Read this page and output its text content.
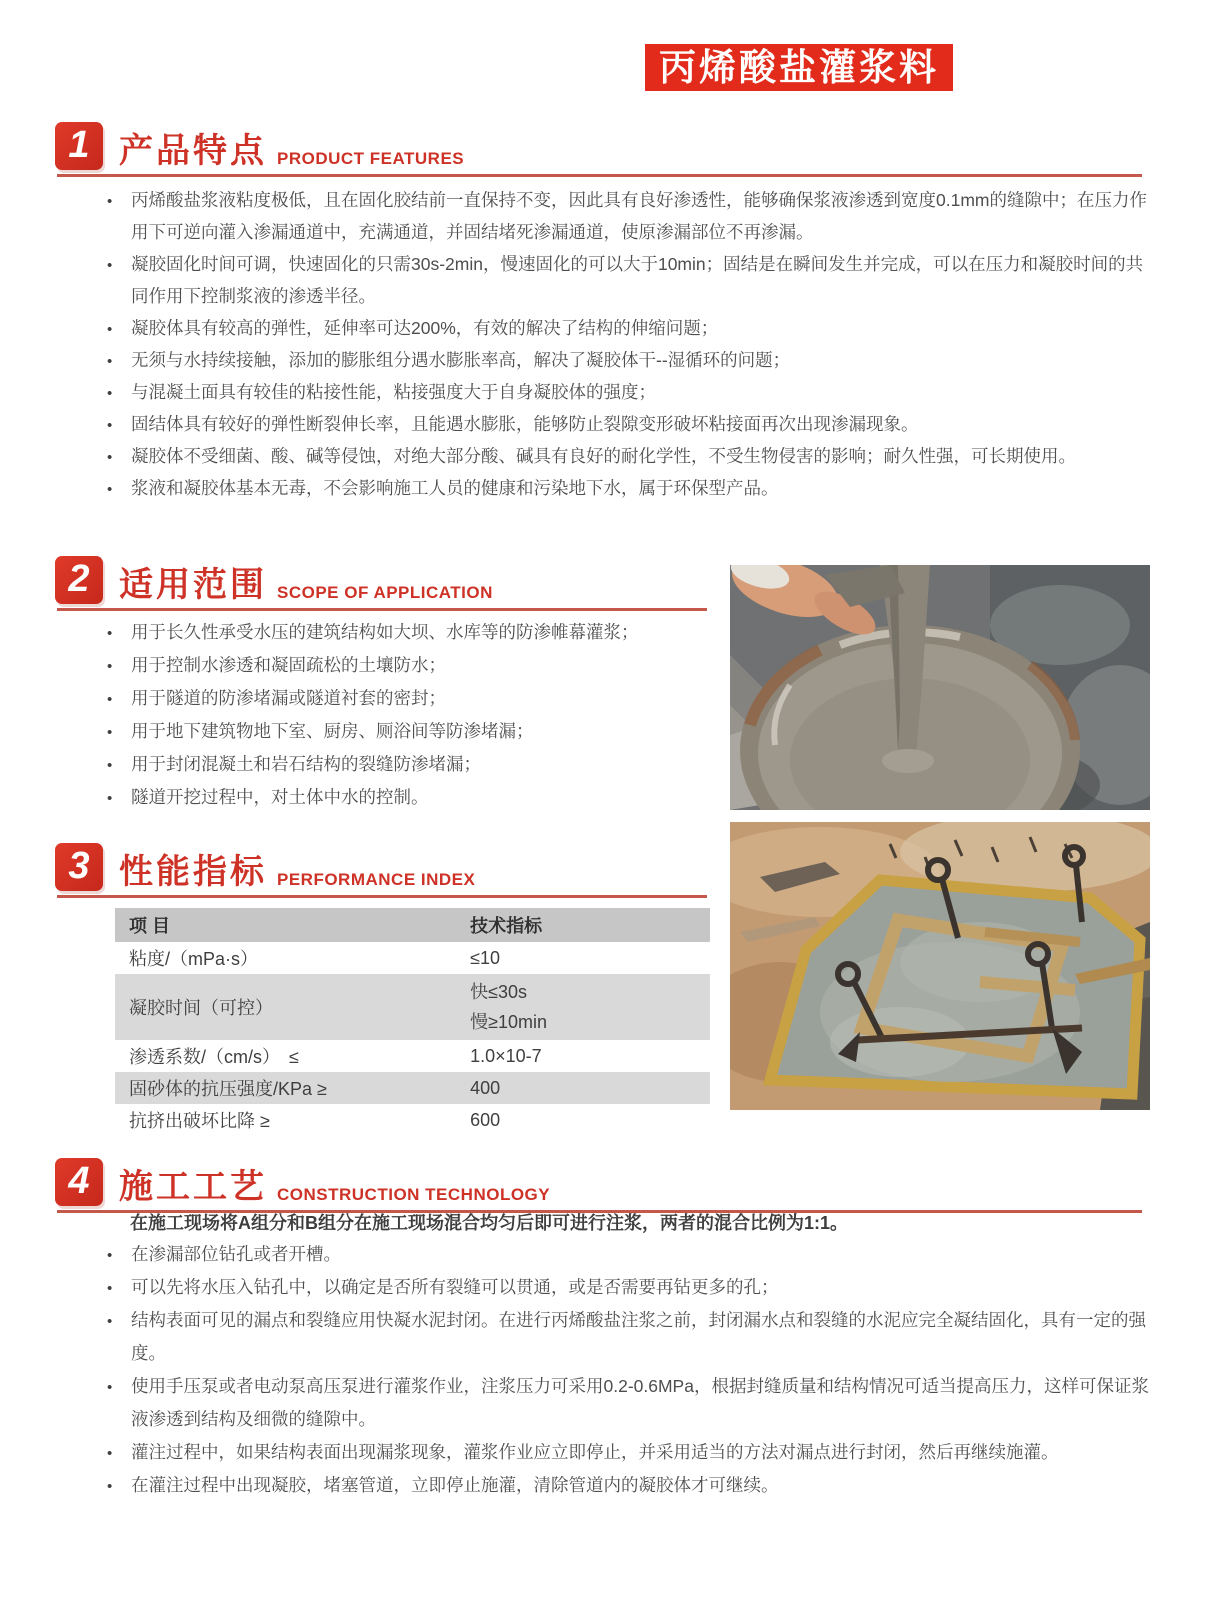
丙烯酸盐灌浆料
1 产品特点 PRODUCT FEATURES
•
丙烯酸盐浆液粘度极低，且在固化胶结前一直保持不变，因此具有良好渗透性，能够确保浆液渗透到宽度0.1mm的缝隙中；在压力作用下可逆向灌入渗漏通道中，充满通道，并固结堵死渗漏通道，使原渗漏部位不再渗漏。
•
凝胶固化时间可调，快速固化的只需30s-2min，慢速固化的可以大于10min；固结是在瞬间发生并完成，可以在压力和凝胶时间的共同作用下控制浆液的渗透半径。
•
凝胶体具有较高的弹性，延伸率可达200%，有效的解决了结构的伸缩问题；
•
无须与水持续接触，添加的膨胀组分遇水膨胀率高，解决了凝胶体干--湿循环的问题；
•
与混凝土面具有较佳的粘接性能，粘接强度大于自身凝胶体的强度；
•
固结体具有较好的弹性断裂伸长率，且能遇水膨胀，能够防止裂隙变形破坏粘接面再次出现渗漏现象。
•
凝胶体不受细菌、酸、碱等侵蚀，对绝大部分酸、碱具有良好的耐化学性，不受生物侵害的影响；耐久性强，可长期使用。
•
浆液和凝胶体基本无毒，不会影响施工人员的健康和污染地下水，属于环保型产品。
2 适用范围 SCOPE OF APPLICATION
•
用于长久性承受水压的建筑结构如大坝、水库等的防渗帷幕灌浆；
•
用于控制水渗透和凝固疏松的土壤防水；
•
用于隧道的防渗堵漏或隧道衬套的密封；
•
用于地下建筑物地下室、厨房、厕浴间等防渗堵漏；
•
用于封闭混凝土和岩石结构的裂缝防渗堵漏；
•
隧道开挖过程中，对土体中水的控制。
3 性能指标 PERFORMANCE INDEX
项 目	技术指标
粘度/（mPa·s）	≤10
凝胶时间（可控）	快≤30s
慢≥10min

渗透系数/（cm/s）　≤	1.0×10-7
固砂体的抗压强度/KPa ≥	400
抗挤出破坏比降 ≥	600
4 施工工艺 CONSTRUCTION TECHNOLOGY
在施工现场将A组分和B组分在施工现场混合均匀后即可进行注浆，两者的混合比例为1:1。
•
在渗漏部位钻孔或者开槽。
•
可以先将水压入钻孔中，以确定是否所有裂缝可以贯通，或是否需要再钻更多的孔；
•
结构表面可见的漏点和裂缝应用快凝水泥封闭。在进行丙烯酸盐注浆之前，封闭漏水点和裂缝的水泥应完全凝结固化，具有一定的强度。
•
使用手压泵或者电动泵高压泵进行灌浆作业，注浆压力可采用0.2-0.6MPa，根据封缝质量和结构情况可适当提高压力，这样可保证浆液渗透到结构及细微的缝隙中。
•
灌注过程中，如果结构表面出现漏浆现象，灌浆作业应立即停止，并采用适当的方法对漏点进行封闭，然后再继续施灌。
•
在灌注过程中出现凝胶，堵塞管道，立即停止施灌，清除管道内的凝胶体才可继续。
